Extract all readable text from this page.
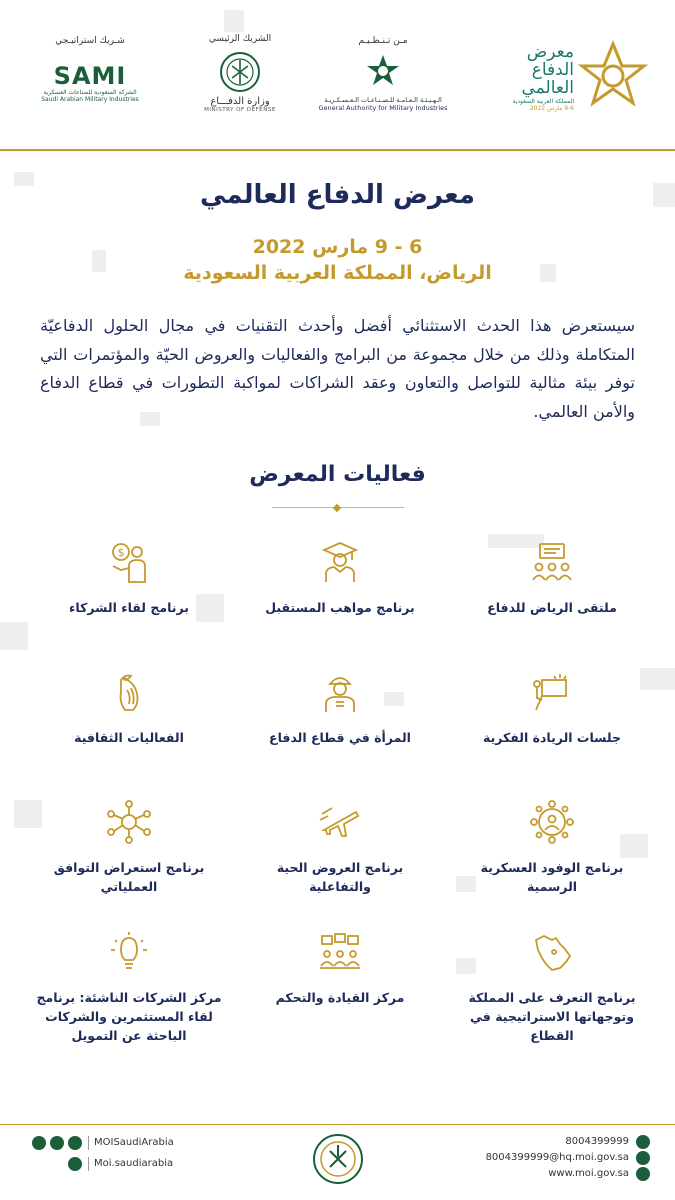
شـريك استراتيـجي
SAMI
الشركة السعودية للصناعات العسكرية
Saudi Arabian Military Industries
الشريك الرئيسي
وزارة الدفـــاع
MINISTRY OF DEFENSE
مـن تـنـظـيـم
الـهـيـئـة الـعـامـة للـصـنـاعـات الـعـسـكـريـة
General Authority for Military Industries
معرض
الدفاع
العالمي
المملكة العربية السعودية
9-6 مارس 2022
معرض الدفاع العالمي
6 - 9 مارس 2022
الرياض، المملكة العربية السعودية
سيستعرض هذا الحدث الاستثنائي أفضل وأحدث التقنيات في مجال الحلول الدفاعيّة المتكاملة وذلك من خلال مجموعة من البرامج والفعاليات والعروض الحيّة والمؤتمرات التي توفر بيئة مثالية للتواصل والتعاون وعقد الشراكات لمواكبة التطورات في قطاع الدفاع والأمن العالمي.
فعاليات المعرض
ملتقى الرياض للدفاع
برنامج مواهب المستقبل
$
برنامج لقاء الشركاء
جلسات الريادة الفكرية
المرأة في قطاع الدفاع
الفعاليات الثقافية
برنامج الوفود العسكرية الرسمية
برنامج العروض الحية والتفاعلية
برنامج استعراض التوافق العملياتي
برنامج التعرف على المملكة وتوجهاتها الاستراتيجية في القطاع
مركز القيادة والتحكم
مركز الشركات الناشئة: برنامج لقاء المستثمرين والشركات الباحثة عن التمويل
MOISaudiArabia
Moi.saudiarabia
8004399999
8004399999@hq.moi.gov.sa
www.moi.gov.sa
